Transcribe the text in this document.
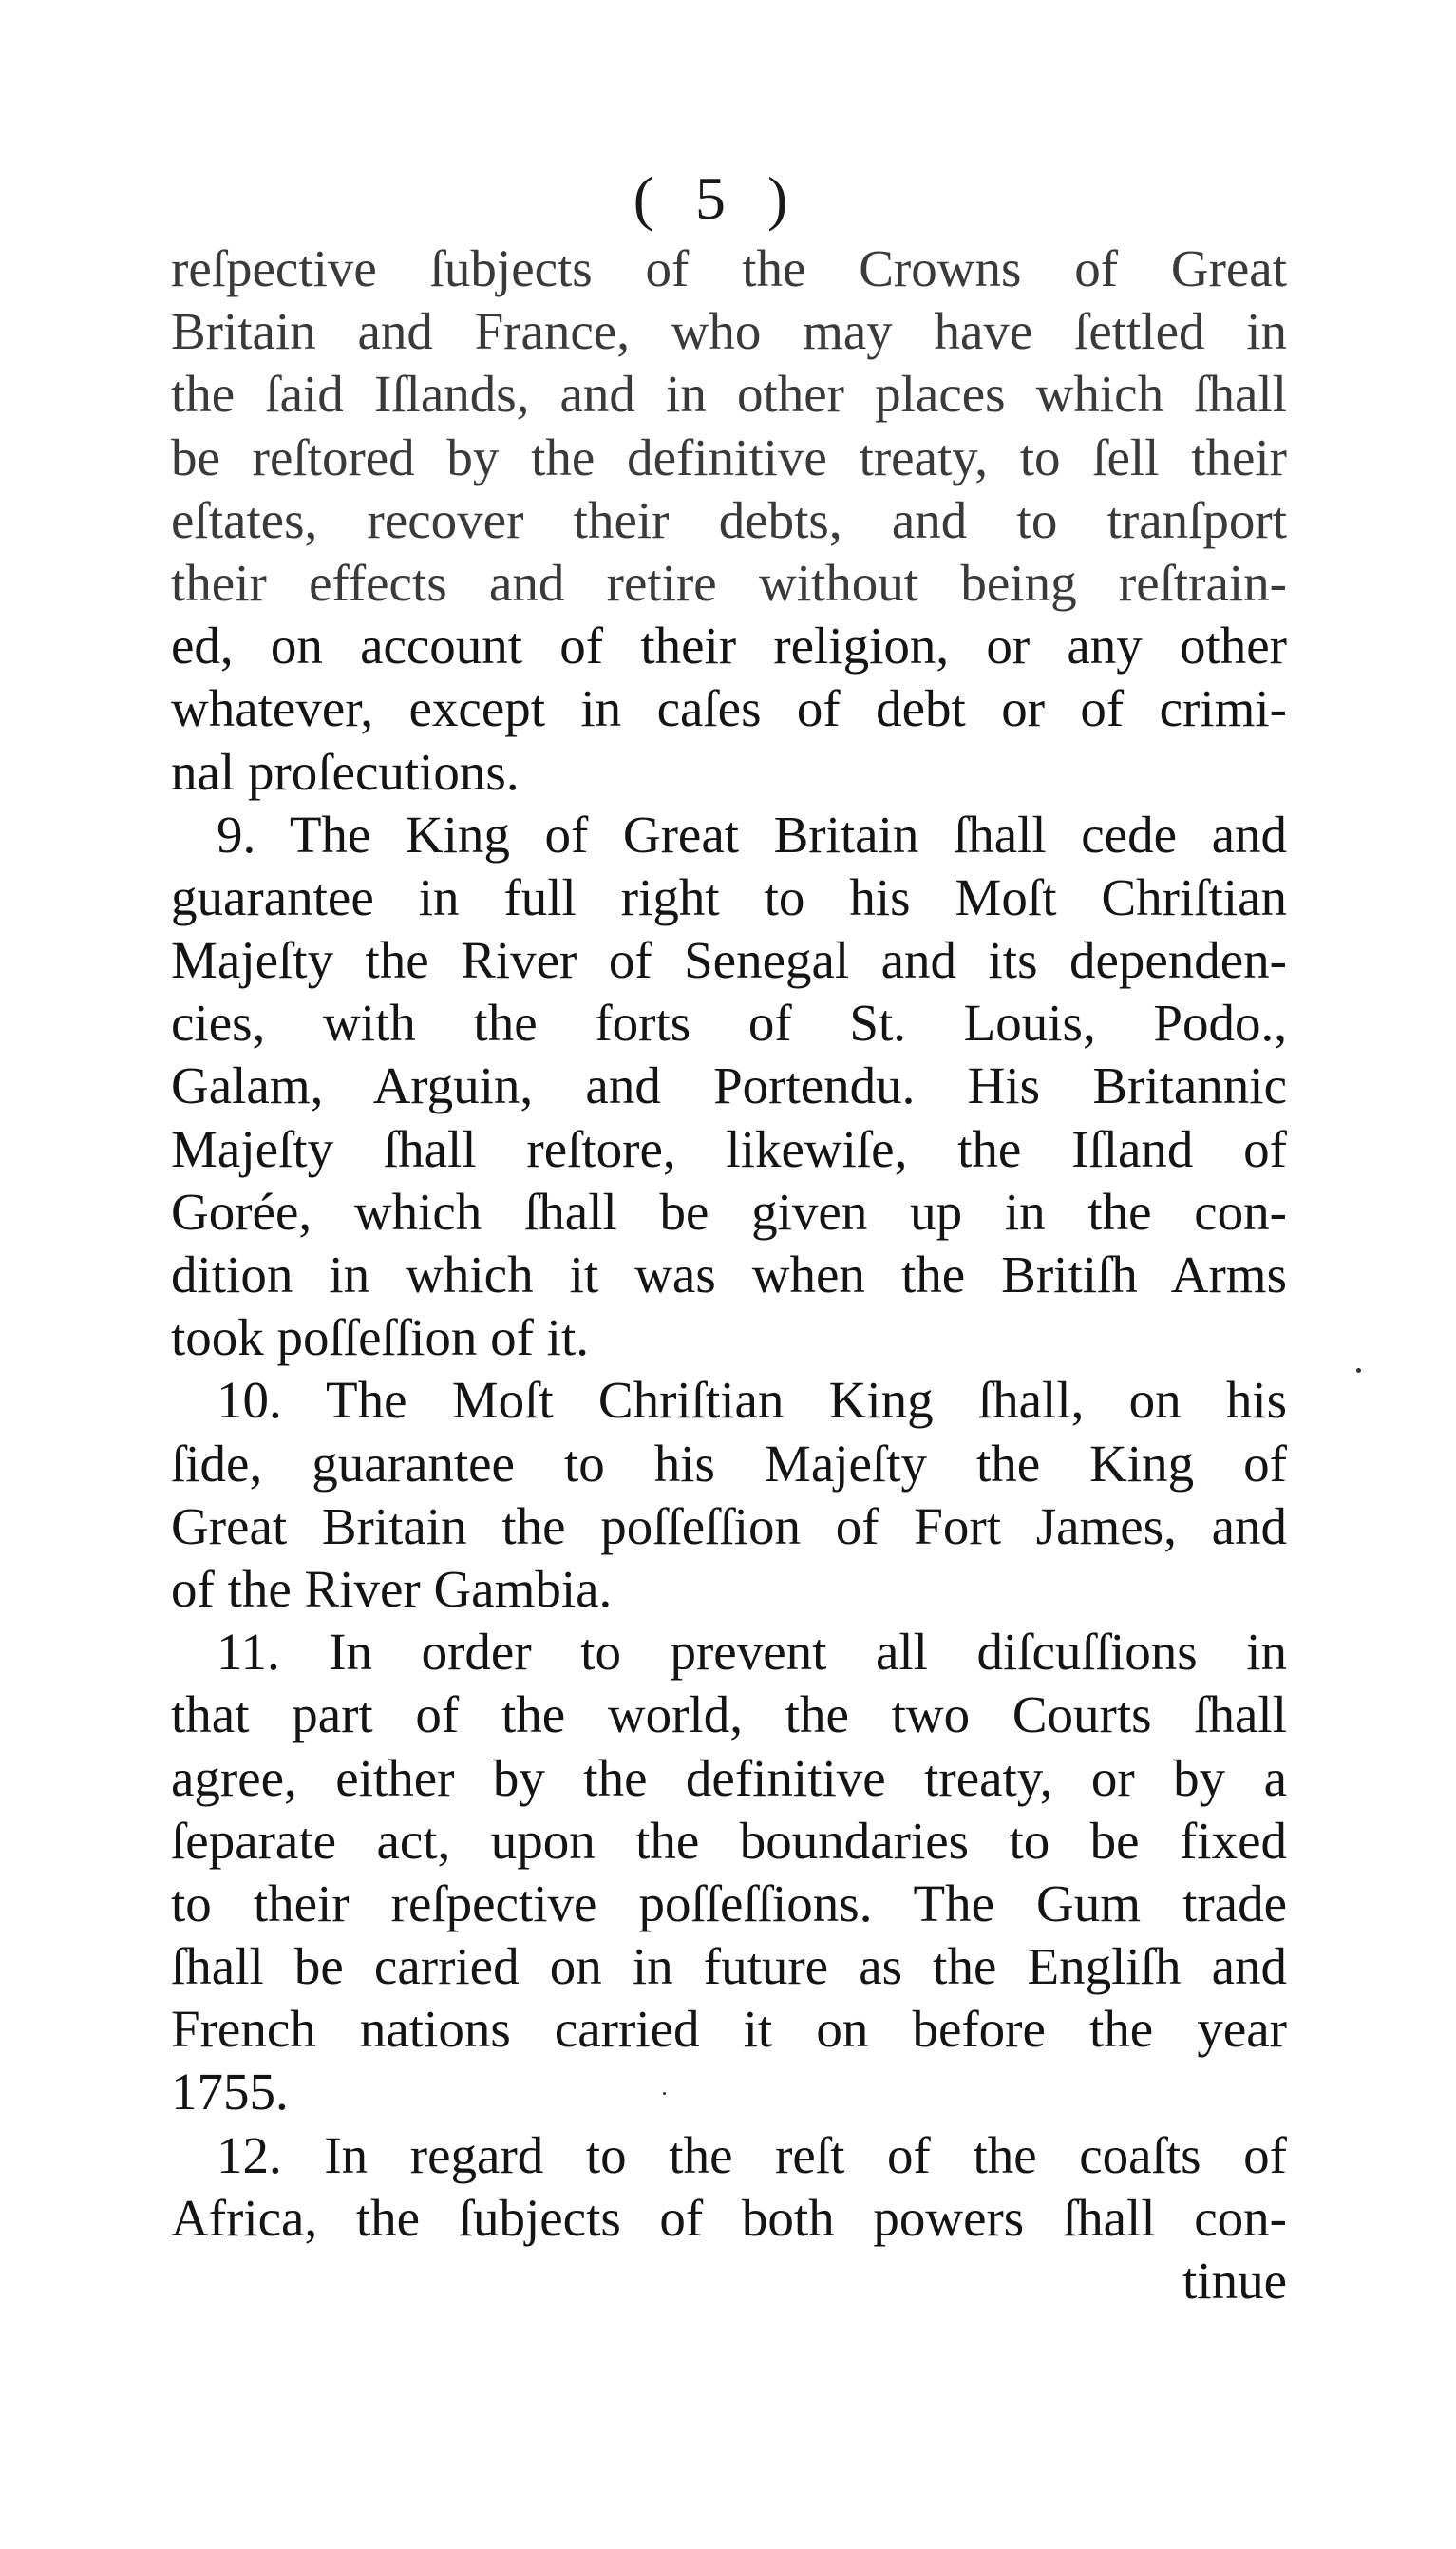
( 5 )
reſpective ſubjects of the Crowns of Great
Britain and France, who may have ſettled in
the ſaid Iſlands, and in other places which ſhall
be reſtored by the definitive treaty, to ſell their
eſtates, recover their debts, and to tranſport
their effects and retire without being reſtrain-
ed, on account of their religion, or any other
whatever, except in caſes of debt or of crimi-
nal proſecutions.
9. The King of Great Britain ſhall cede and
guarantee in full right to his Moſt Chriſtian
Majeſty the River of Senegal and its dependen-
cies, with the forts of St. Louis, Podo.,
Galam, Arguin, and Portendu. His Britannic
Majeſty ſhall reſtore, likewiſe, the Iſland of
Gorée, which ſhall be given up in the con-
dition in which it was when the Britiſh Arms
took poſſeſſion of it.
10. The Moſt Chriſtian King ſhall, on his
ſide, guarantee to his Majeſty the King of
Great Britain the poſſeſſion of Fort James, and
of the River Gambia.
11. In order to prevent all diſcuſſions in
that part of the world, the two Courts ſhall
agree, either by the definitive treaty, or by a
ſeparate act, upon the boundaries to be fixed
to their reſpective poſſeſſions. The Gum trade
ſhall be carried on in future as the Engliſh and
French nations carried it on before the year
1755.
12. In regard to the reſt of the coaſts of
Africa, the ſubjects of both powers ſhall con-
tinue
